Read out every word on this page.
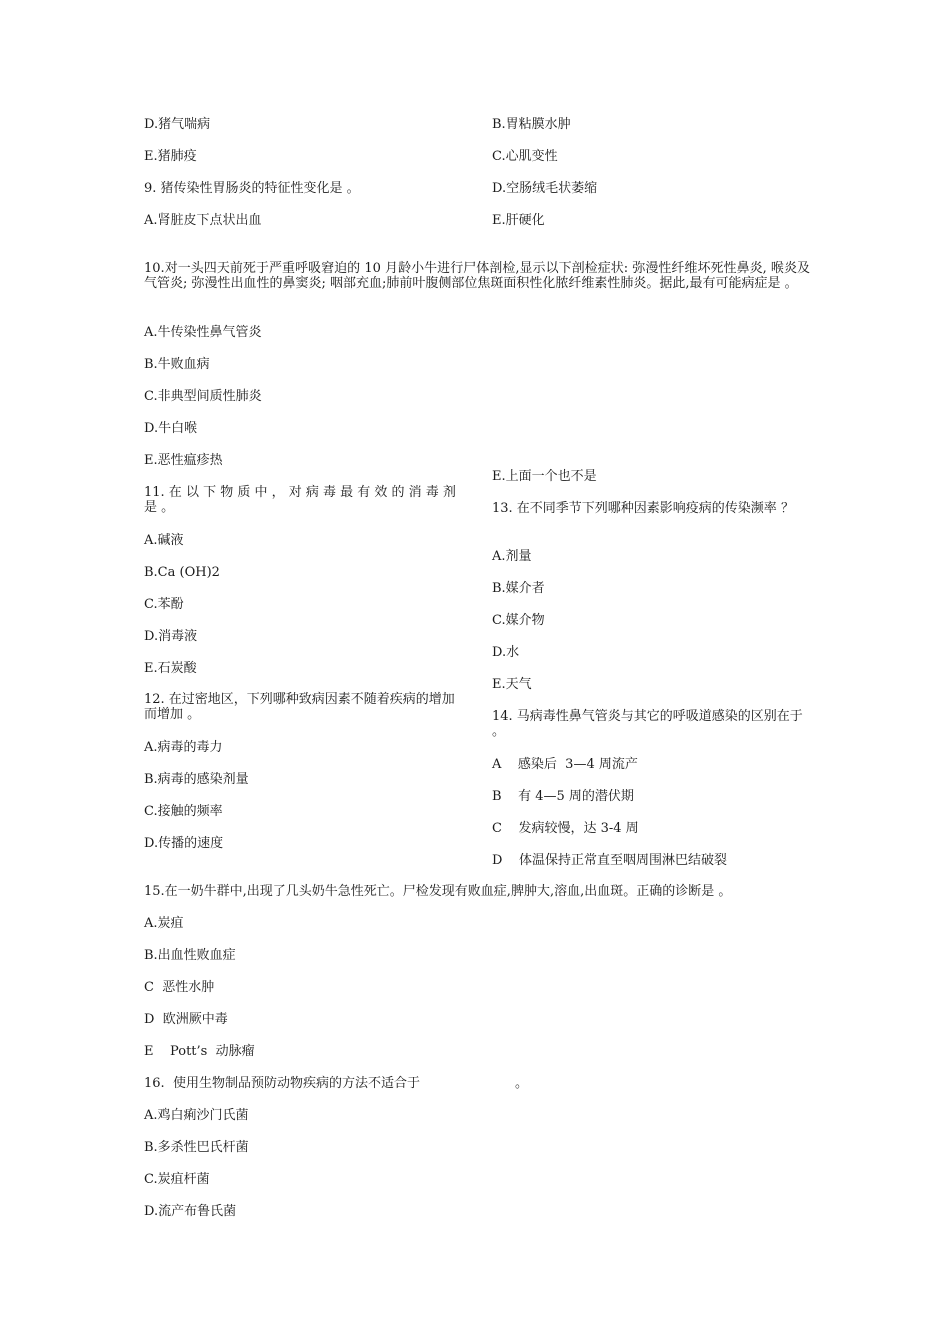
D.猪气喘病
E.猪肺疫
9. 猪传染性胃肠炎的特征性变化是 。
A.肾脏皮下点状出血
B.胃粘膜水肿
C.心肌变性
D.空肠绒毛状萎缩
E.肝硬化
10.对一头四天前死于严重呼吸窘迫的 10 月龄小牛进行尸体剖检,显示以下剖检症状: 弥漫性纤维坏死性鼻炎, 喉炎及气管炎; 弥漫性出血性的鼻窦炎; 咽部充血;肺前叶腹侧部位焦斑面积性化脓纤维素性肺炎。据此,最有可能病症是 。
A.牛传染性鼻气管炎
B.牛败血病
C.非典型间质性肺炎
D.牛白喉
E.恶性瘟疹热
11. 在 以 下 物 质 中 ， 对 病 毒 最 有 效 的 消 毒 剂 是 。
A.碱液
B.Ca (OH)2
C.苯酚
D.消毒液
E.石炭酸
12. 在过密地区，下列哪种致病因素不随着疾病的增加而增加 。
A.病毒的毒力
B.病毒的感染剂量
C.接触的频率
D.传播的速度
E.上面一个也不是
13. 在不同季节下列哪种因素影响疫病的传染濒率 ？
A.剂量
B.媒介者
C.媒介物
D.水
E.天气
14. 马病毒性鼻气管炎与其它的呼吸道感染的区别在于 。
A    感染后  3—4 周流产
B    有 4—5 周的潜伏期
C    发病较慢，达 3-4 周
D    体温保持正常直至咽周围淋巴结破裂
15.在一奶牛群中,出现了几头奶牛急性死亡。尸检发现有败血症,脾肿大,溶血,出血斑。正确的诊断是 。
A.炭疽
B.出血性败血症
C  恶性水肿
D  欧洲厥中毒
E    Pott’s  动脉瘤
16.  使用生物制品预防动物疾病的方法不适合于                       。
A.鸡白痢沙门氏菌
B.多杀性巴氏杆菌
C.炭疽杆菌
D.流产布鲁氏菌
